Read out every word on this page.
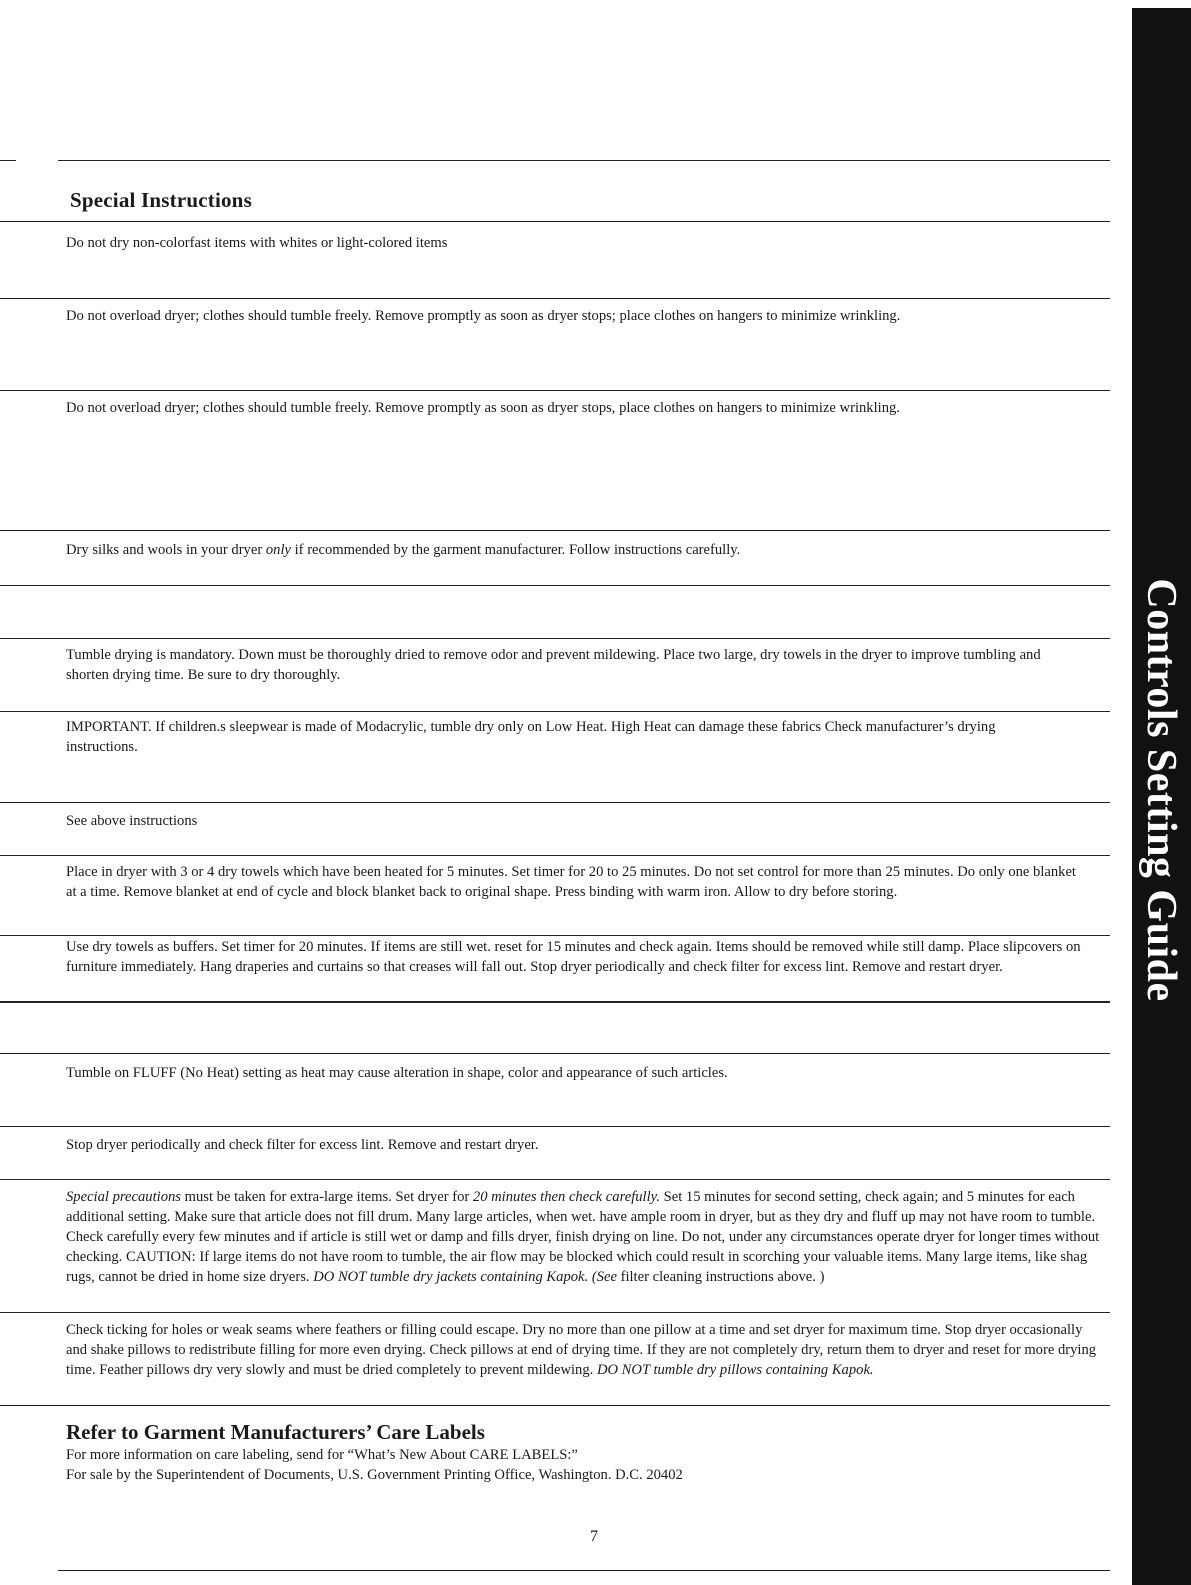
Special Instructions
Do not dry non-colorfast items with whites or light-colored items
Do not overload dryer; clothes should tumble freely. Remove promptly as soon as dryer stops; place clothes on hangers to minimize wrinkling.
Do not overload dryer; clothes should tumble freely. Remove promptly as soon as dryer stops, place clothes on hangers to minimize wrinkling.
Dry silks and wools in your dryer only if recommended by the garment manufacturer. Follow instructions carefully.
Tumble drying is mandatory. Down must be thoroughly dried to remove odor and prevent mildewing. Place two large, dry towels in the dryer to improve tumbling and shorten drying time. Be sure to dry thoroughly.
IMPORTANT. If children.s sleepwear is made of Modacrylic, tumble dry only on Low Heat. High Heat can damage these fabrics Check manufacturer’s drying instructions.
See above instructions
Place in dryer with 3 or 4 dry towels which have been heated for 5 minutes. Set timer for 20 to 25 minutes. Do not set control for more than 25 minutes. Do only one blanket at a time. Remove blanket at end of cycle and block blanket back to original shape. Press binding with warm iron. Allow to dry before storing.
Use dry towels as buffers. Set timer for 20 minutes. If items are still wet. reset for 15 minutes and check again. Items should be removed while still damp. Place slipcovers on furniture immediately. Hang draperies and curtains so that creases will fall out. Stop dryer periodically and check filter for excess lint. Remove and restart dryer.
Tumble on FLUFF (No Heat) setting as heat may cause alteration in shape, color and appearance of such articles.
Stop dryer periodically and check filter for excess lint. Remove and restart dryer.
Special precautions must be taken for extra-large items. Set dryer for 20 minutes then check carefully. Set 15 minutes for second setting, check again; and 5 minutes for each additional setting. Make sure that article does not fill drum. Many large articles, when wet. have ample room in dryer, but as they dry and fluff up may not have room to tumble. Check carefully every few minutes and if article is still wet or damp and fills dryer, finish drying on line. Do not, under any circumstances operate dryer for longer times without checking. CAUTION: If large items do not have room to tumble, the air flow may be blocked which could result in scorching your valuable items. Many large items, like shag rugs, cannot be dried in home size dryers. DO NOT tumble dry jackets containing Kapok. (See filter cleaning instructions above. )
Check ticking for holes or weak seams where feathers or filling could escape. Dry no more than one pillow at a time and set dryer for maximum time. Stop dryer occasionally and shake pillows to redistribute filling for more even drying. Check pillows at end of drying time. If they are not completely dry, return them to dryer and reset for more drying time. Feather pillows dry very slowly and must be dried completely to prevent mildewing. DO NOT tumble dry pillows containing Kapok.
Refer to Garment Manufacturers’ Care Labels
For more information on care labeling, send for “What’s New About CARE LABELS:”
For sale by the Superintendent of Documents, U.S. Government Printing Office, Washington. D.C. 20402
7
Controls Setting Guide
